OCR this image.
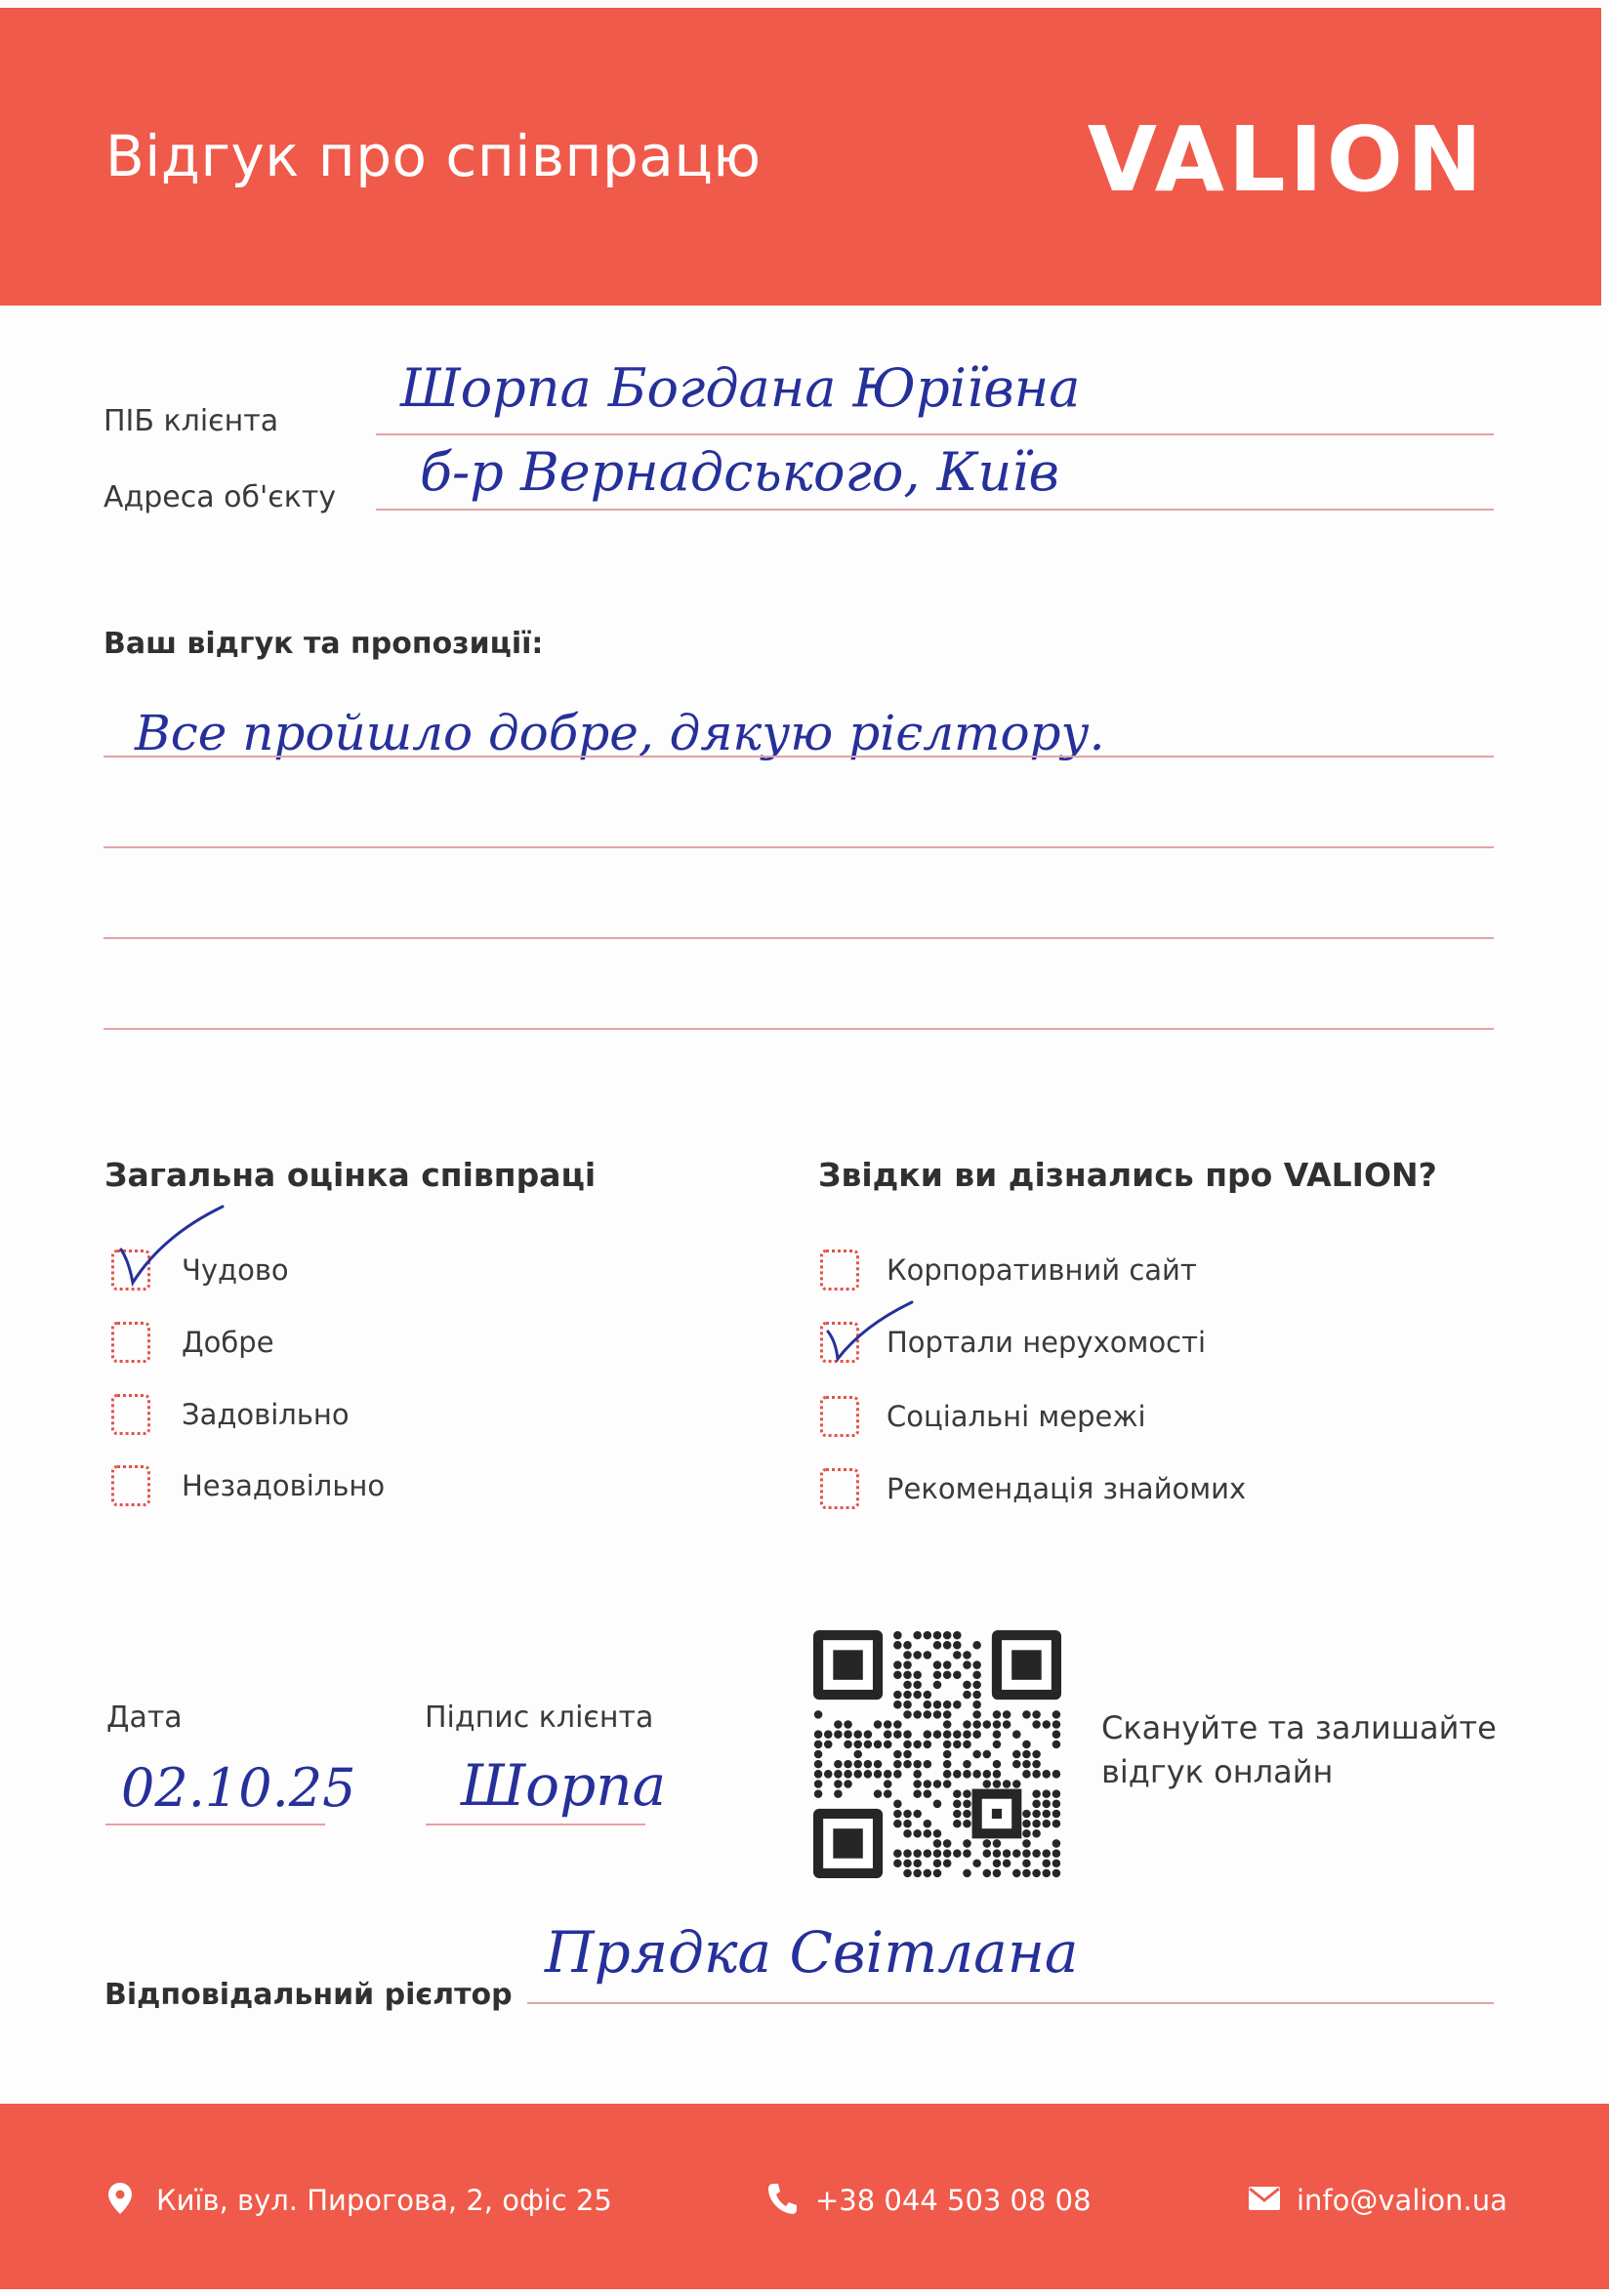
Відгук про співпрацю	VALION
ПІБ клієнта
Шорпа Богдана Юріївна
Адреса об'єкту б-р Вернадського, Київ
Ваш відгук та пропозиції:
Все пройшло добре, дякую рієлтору.
Загальна оцінка співпраці
Чудово
Добре
Задовільно
Незадовільно
Звідки ви дізнались про VALION?
Корпоративний сайт
Портали нерухомості
Соціальні мережі
Рекомендація знайомих
Дата
02.10.25
Підпис клієнта
Шорпа
Скануйте та залишайте
відгук онлайн
Відповідальний рієлтор
Прядка Світлана
Київ, вул. Пирогова, 2, офіс 25	+38 044 503 08 08	info@valion.ua
